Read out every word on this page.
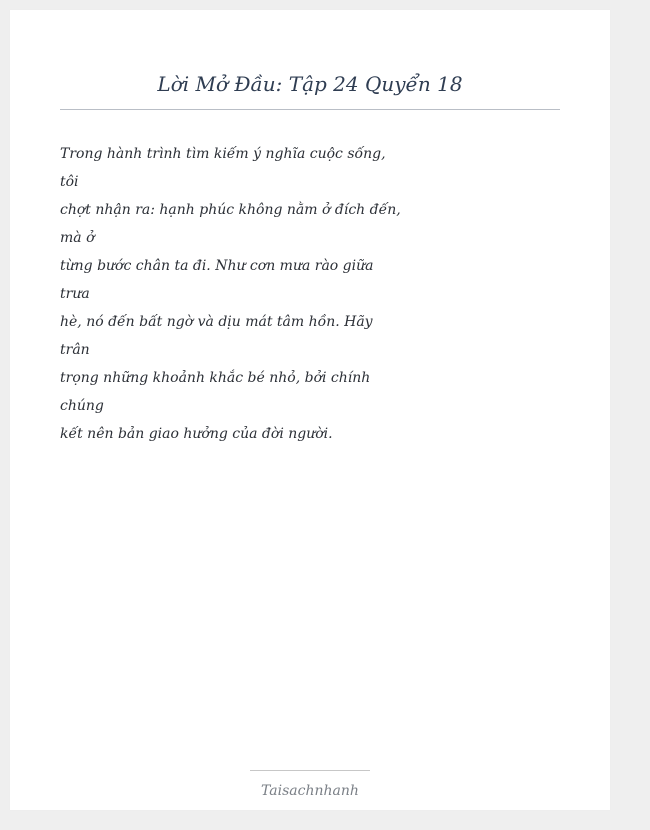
Lời Mở Đầu: Tập 24 Quyển 18
Trong hành trình tìm kiếm ý nghĩa cuộc sống,
tôi
chợt nhận ra: hạnh phúc không nằm ở đích đến,
mà ở
từng bước chân ta đi. Như cơn mưa rào giữa
trưa
hè, nó đến bất ngờ và dịu mát tâm hồn. Hãy
trân
trọng những khoảnh khắc bé nhỏ, bởi chính
chúng
kết nên bản giao hưởng của đời người.
Taisachnhanh
